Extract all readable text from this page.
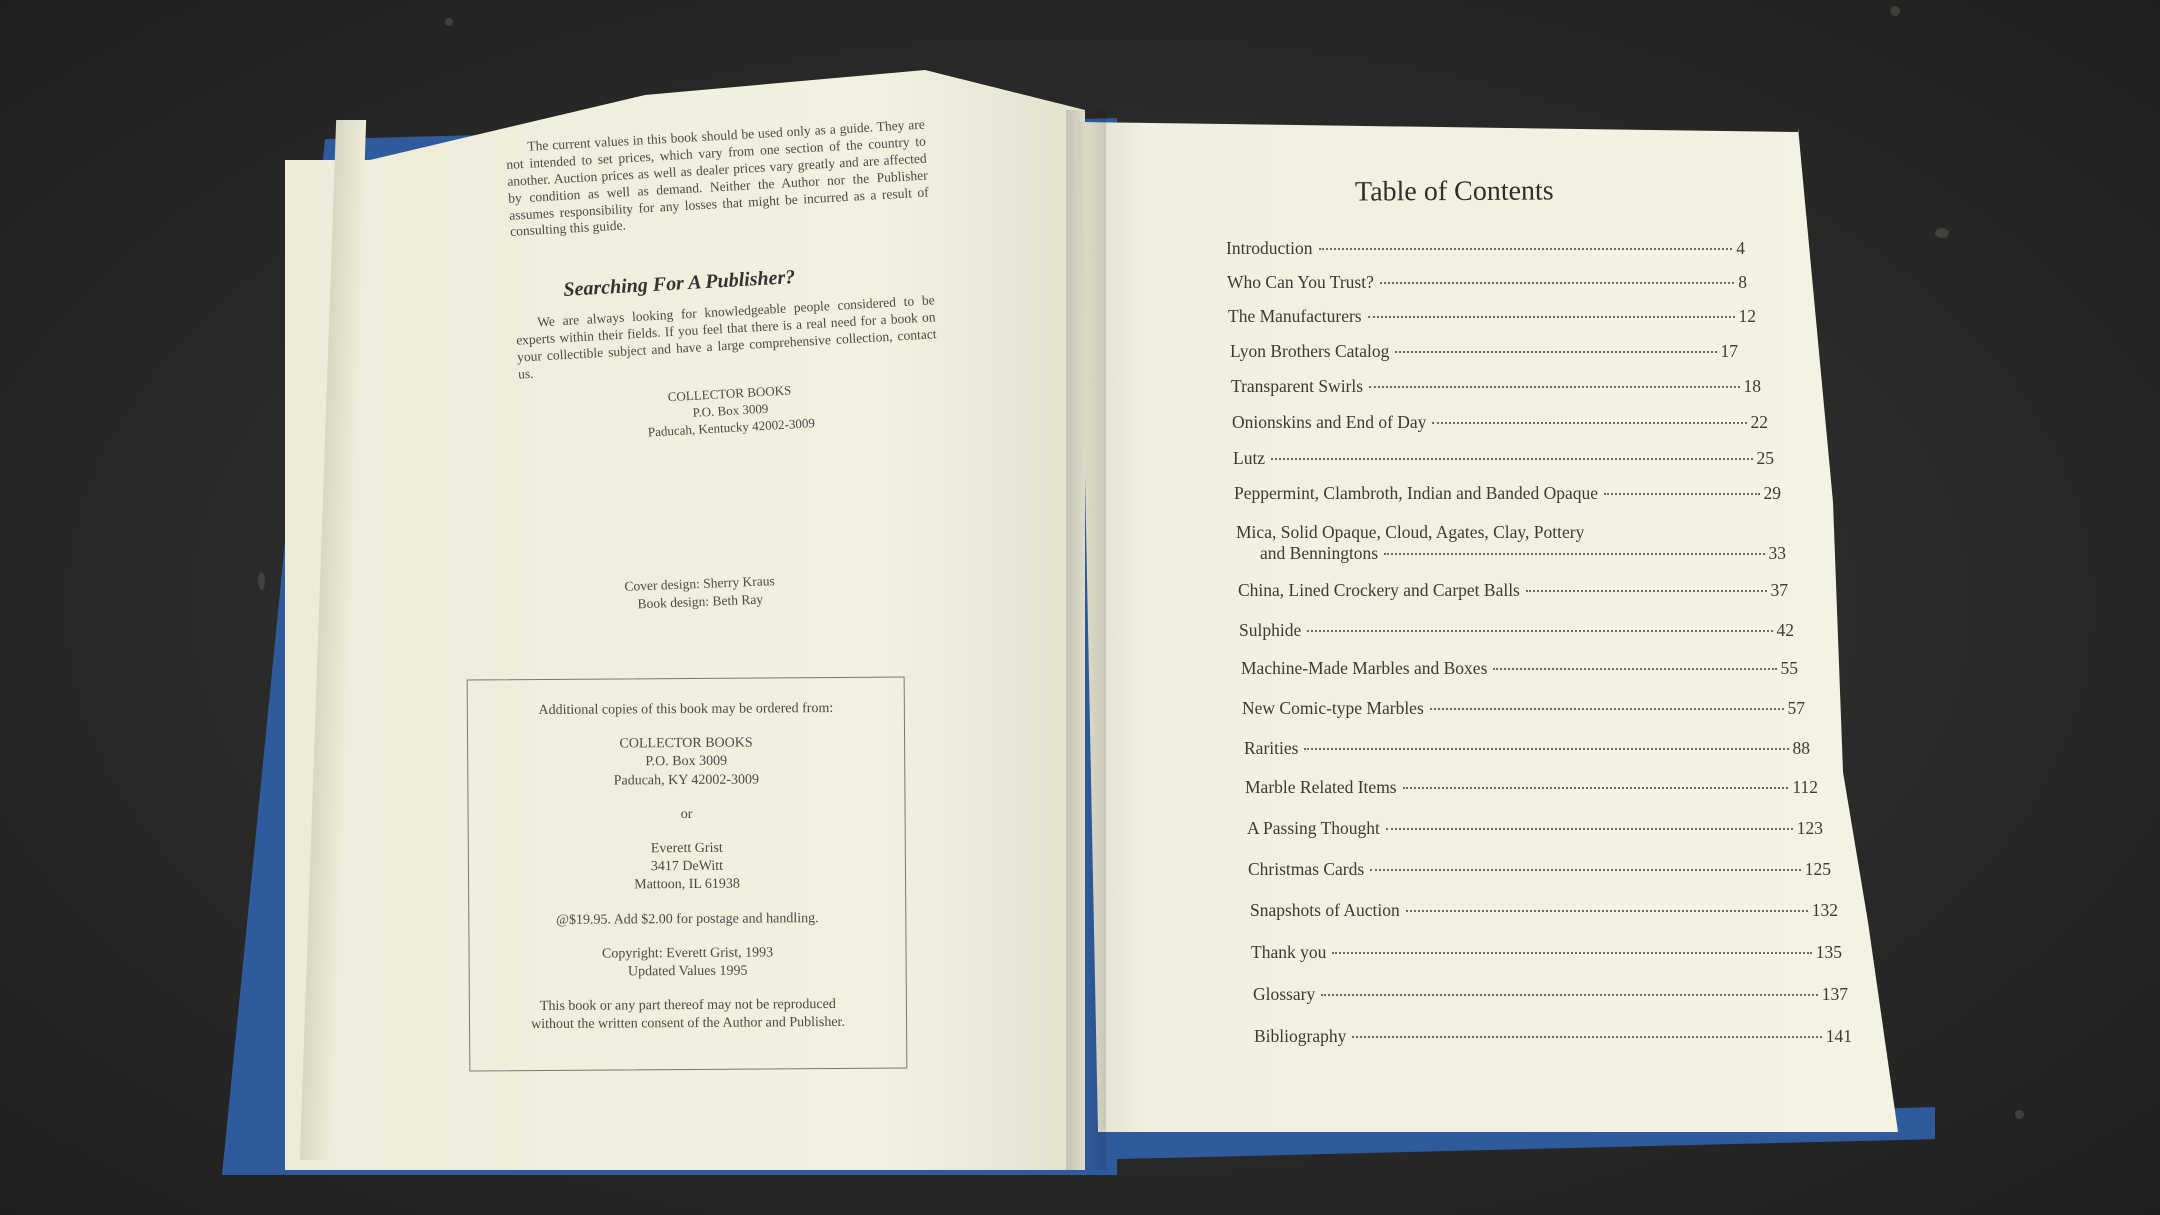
The current values in this book should be used only as a guide. They are not intended to set prices, which vary from one section of the country to another. Auction prices as well as dealer prices vary greatly and are affected by condition as well as demand. Neither the Author nor the Publisher assumes responsibility for any losses that might be incurred as a result of consulting this guide.

Searching For A Publisher?

We are always looking for knowledgeable people considered to be experts within their fields. If you feel that there is a real need for a book on your collectible subject and have a large comprehensive collection, contact us.

COLLECTOR BOOKS
P.O. Box 3009
Paducah, Kentucky 42002-3009
Cover design: Sherry Kraus
Book design: Beth Ray

Additional copies of this book may be ordered from:

COLLECTOR BOOKS

P.O. Box 3009

Paducah, KY 42002-3009

or

Everett Grist

3417 DeWitt

Mattoon, IL 61938

@$19.95. Add $2.00 for postage and handling.

Copyright: Everett Grist, 1993

Updated Values 1995

This book or any part thereof may not be reproduced

without the written consent of the Author and Publisher.

Table of Contents
Introduction	4
Who Can You Trust?	8
The Manufacturers	12
Lyon Brothers Catalog	17
Transparent Swirls	18
Onionskins and End of Day	22
Lutz	25
Peppermint, Clambroth, Indian and Banded Opaque	29
Mica, Solid Opaque, Cloud, Agates, Clay, Pottery
and Benningtons	33
China, Lined Crockery and Carpet Balls	37
Sulphide	42
Machine-Made Marbles and Boxes	55
New Comic-type Marbles	57
Rarities	88
Marble Related Items	112
A Passing Thought	123
Christmas Cards	125
Snapshots of Auction	132
Thank you	135
Glossary	137
Bibliography	141
